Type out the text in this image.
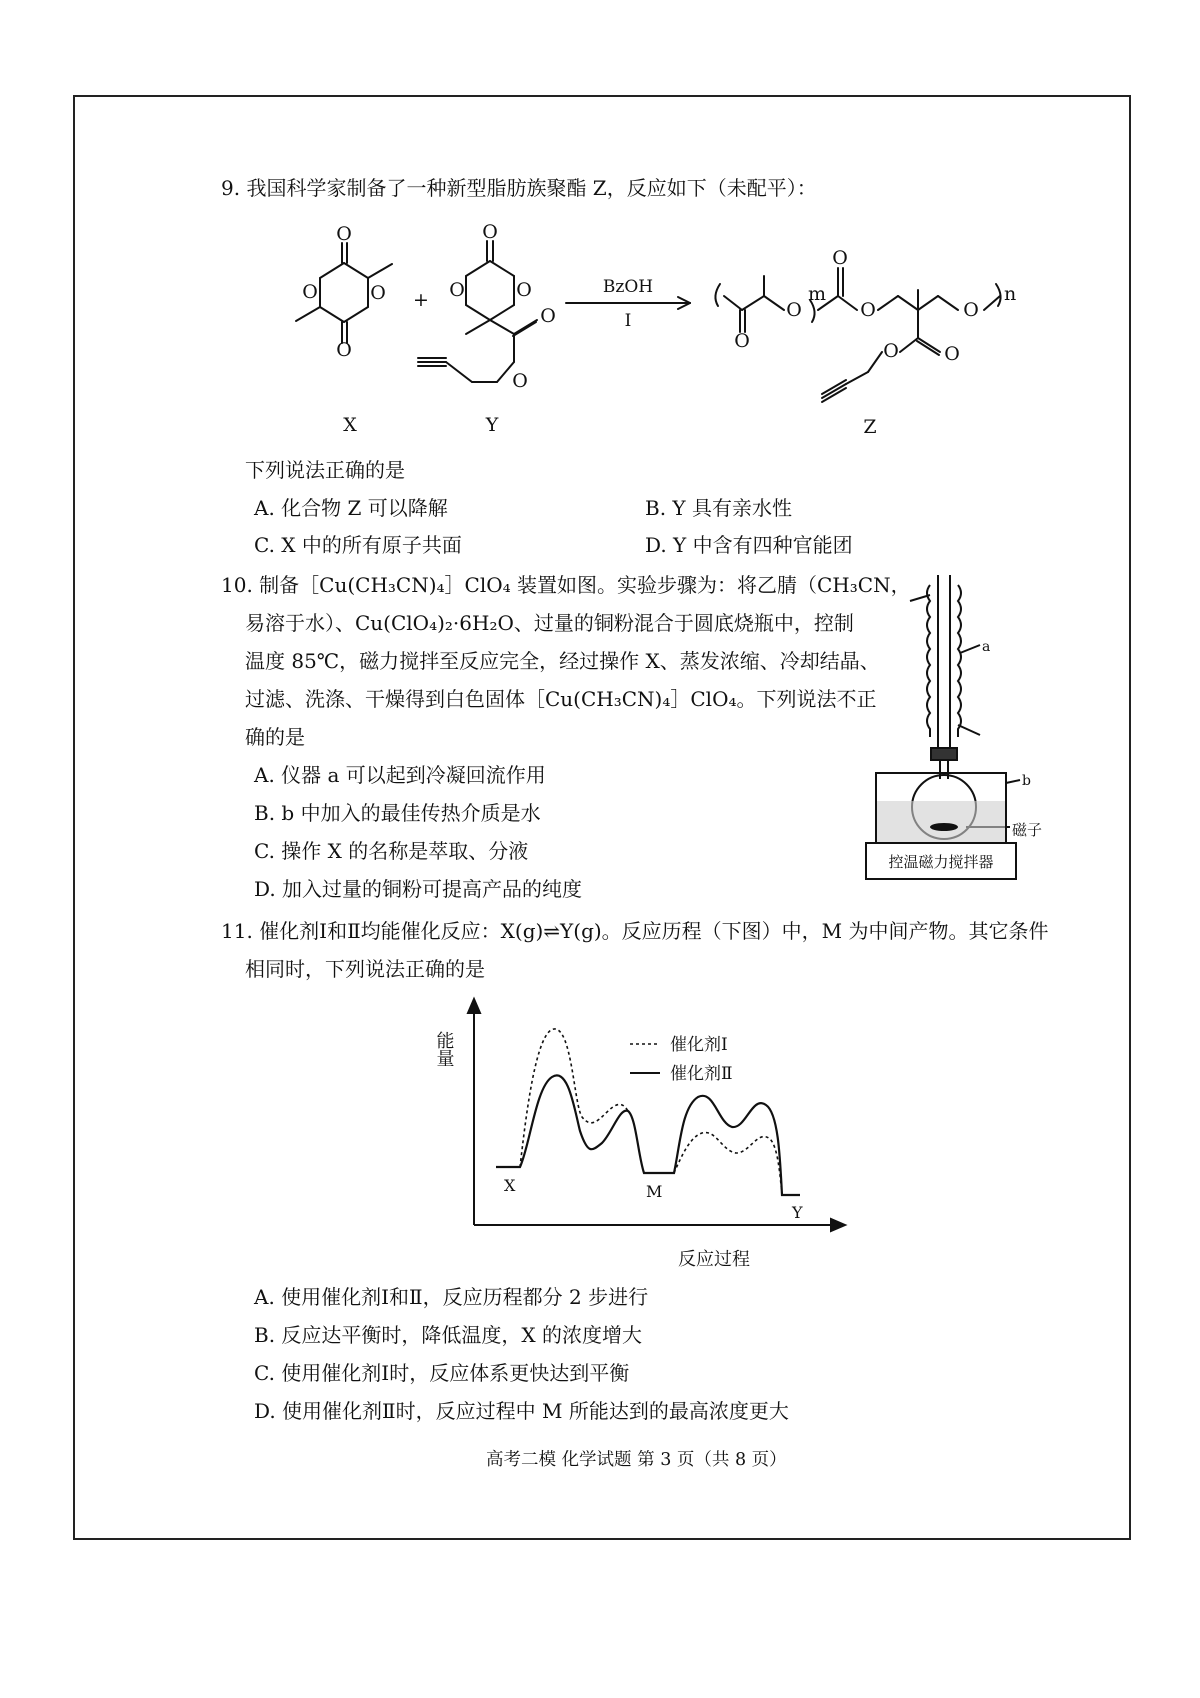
9. 我国科学家制备了一种新型脂肪族聚酯 Z，反应如下（未配平）：
O
O	O
O
O
O	O
O
O
O
O
O
O	O
O
O
+
BzOH
I
m	n
X	Y	Z
下列说法正确的是
A. 化合物 Z 可以降解	B. Y 具有亲水性
C. X 中的所有原子共面	D. Y 中含有四种官能团
10. 制备［Cu(CH₃CN)₄］ClO₄ 装置如图。实验步骤为：将乙腈（CH₃CN，
易溶于水）、Cu(ClO₄)₂·6H₂O、过量的铜粉混合于圆底烧瓶中，控制
温度 85℃，磁力搅拌至反应完全，经过操作 X、蒸发浓缩、冷却结晶、
过滤、洗涤、干燥得到白色固体［Cu(CH₃CN)₄］ClO₄。下列说法不正
确的是
A. 仪器 a 可以起到冷凝回流作用
B. b 中加入的最佳传热介质是水
C. 操作 X 的名称是萃取、分液
D. 加入过量的铜粉可提高产品的纯度
a
b
磁子
控温磁力搅拌器
11. 催化剂Ⅰ和Ⅱ均能催化反应：X(g)⇌Y(g)。反应历程（下图）中，M 为中间产物。其它条件
相同时，下列说法正确的是
能量
反应过程
催化剂Ⅰ
催化剂Ⅱ
X	M
Y
A. 使用催化剂Ⅰ和Ⅱ，反应历程都分 2 步进行
B. 反应达平衡时，降低温度，X 的浓度增大
C. 使用催化剂Ⅰ时，反应体系更快达到平衡
D. 使用催化剂Ⅱ时，反应过程中 M 所能达到的最高浓度更大
高考二模 化学试题 第 3 页（共 8 页）
